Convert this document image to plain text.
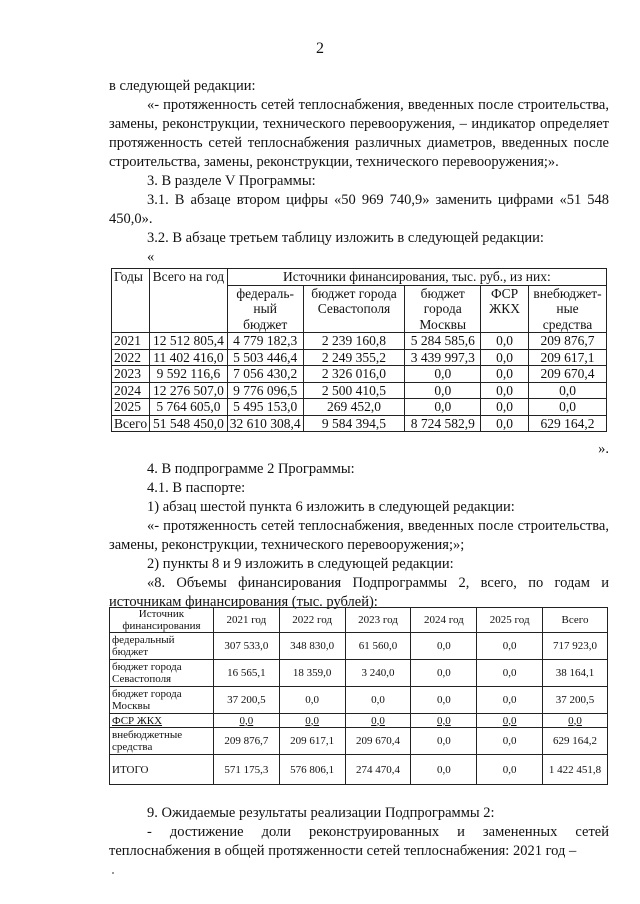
2

в следующей редакции:

«- протяженность сетей теплоснабжения, введенных после строительства, замены, реконструкции, технического перевооружения, – индикатор определяет протяженность сетей теплоснабжения различных диаметров, введенных после строительства, замены, реконструкции, технического перевооружения;».

3. В разделе V Программы:

3.1. В абзаце втором цифры «50 969 740,9» заменить цифрами «51 548 450,0».

3.2. В абзаце третьем таблицу изложить в следующей редакции:

«

Годы	Всего на год	Источники финансирования, тыс. руб., из них:				
		федераль-ный бюджет	бюджет города Севастополя	бюджет города Москвы	ФСР ЖКХ	внебюджет-ные средства
2021	12 512 805,4	4 779 182,3	2 239 160,8	5 284 585,6	0,0	209 876,7
2022	11 402 416,0	5 503 446,4	2 249 355,2	3 439 997,3	0,0	209 617,1
2023	9 592 116,6	7 056 430,2	2 326 016,0	0,0	0,0	209 670,4
2024	12 276 507,0	9 776 096,5	2 500 410,5	0,0	0,0	0,0
2025	5 764 605,0	5 495 153,0	269 452,0	0,0	0,0	0,0
Всего	51 548 450,0	32 610 308,4	9 584 394,5	8 724 582,9	0,0	629 164,2
».

4. В подпрограмме 2 Программы:

4.1. В паспорте:

1) абзац шестой пункта 6 изложить в следующей редакции:

«- протяженность сетей теплоснабжения, введенных после строительства, замены, реконструкции, технического перевооружения;»;

2) пункты 8 и 9 изложить в следующей редакции:

«8. Объемы финансирования Подпрограммы 2, всего, по годам и источникам финансирования (тыс. рублей):

Источник финансирования	2021 год	2022 год	2023 год	2024 год	2025 год	Всего
федеральный бюджет	307 533,0	348 830,0	61 560,0	0,0	0,0	717 923,0
бюджет города Севастополя	16 565,1	18 359,0	3 240,0	0,0	0,0	38 164,1
бюджет города Москвы	37 200,5	0,0	0,0	0,0	0,0	37 200,5
ФСР ЖКХ	0,0	0,0	0,0	0,0	0,0	0,0
внебюджетные средства	209 876,7	209 617,1	209 670,4	0,0	0,0	629 164,2
ИТОГО	571 175,3	576 806,1	274 470,4	0,0	0,0	1 422 451,8

9. Ожидаемые результаты реализации Подпрограммы 2:

- достижение доли реконструированных и замененных сетей теплоснабжения в общей протяженности сетей теплоснабжения: 2021 год –
